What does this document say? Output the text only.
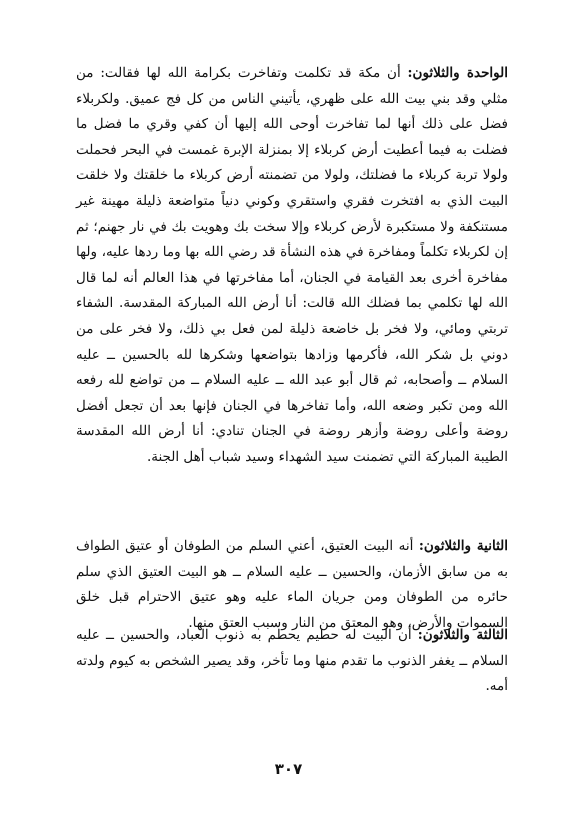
الواحدة والثلاثون: أن مكة قد تكلمت وتفاخرت بكرامة الله لها فقالت: من مثلي وقد بني بيت الله على ظهري، يأتيني الناس من كل فج عميق. ولكربلاء فضل على ذلك أنها لما تفاخرت أوحى الله إليها أن كفي وقري ما فضل ما فضلت به فيما أعطيت أرض كربلاء إلا بمنزلة الإبرة غمست في البحر فحملت ولولا تربة كربلاء ما فضلتك، ولولا من تضمنته أرض كربلاء ما خلقتك ولا خلقت البيت الذي به افتخرت فقري واستقري وكوني دنياً متواضعة ذليلة مهينة غير مستنكفة ولا مستكبرة لأرض كربلاء وإلا سخت بك وهويت بك في نار جهنم؛ ثم إن لكربلاء تكلماً ومفاخرة في هذه النشأة قد رضي الله بها وما ردها عليه، ولها مفاخرة أخرى بعد القيامة في الجنان، أما مفاخرتها في هذا العالم أنه لما قال الله لها تكلمي بما فضلك الله قالت: أنا أرض الله المباركة المقدسة. الشفاء تربتي ومائي، ولا فخر بل خاضعة ذليلة لمن فعل بي ذلك، ولا فخر على من دوني بل شكر الله، فأكرمها وزادها بتواضعها وشكرها لله بالحسين ــ عليه السلام ــ وأصحابه، ثم قال أبو عبد الله ــ عليه السلام ــ من تواضع لله رفعه الله ومن تكبر وضعه الله، وأما تفاخرها في الجنان فإنها بعد أن تجعل أفضل روضة وأعلى روضة وأزهر روضة في الجنان تنادي: أنا أرض الله المقدسة الطيبة المباركة التي تضمنت سيد الشهداء وسيد شباب أهل الجنة.

الثانية والثلاثون: أنه البيت العتيق، أعني السلم من الطوفان أو عتيق الطواف به من سابق الأزمان، والحسين ــ عليه السلام ــ هو البيت العتيق الذي سلم حائره من الطوفان ومن جريان الماء عليه وهو عتيق الاحترام قبل خلق السموات والأرض، وهو المعتق من النار وسبب العتق منها.

الثالثة والثلاثون: أن البيت له حطيم يحطم به ذنوب العباد، والحسين ــ عليه السلام ــ يغفر الذنوب ما تقدم منها وما تأخر، وقد يصير الشخص به كيوم ولدته أمه.

٣٠٧
